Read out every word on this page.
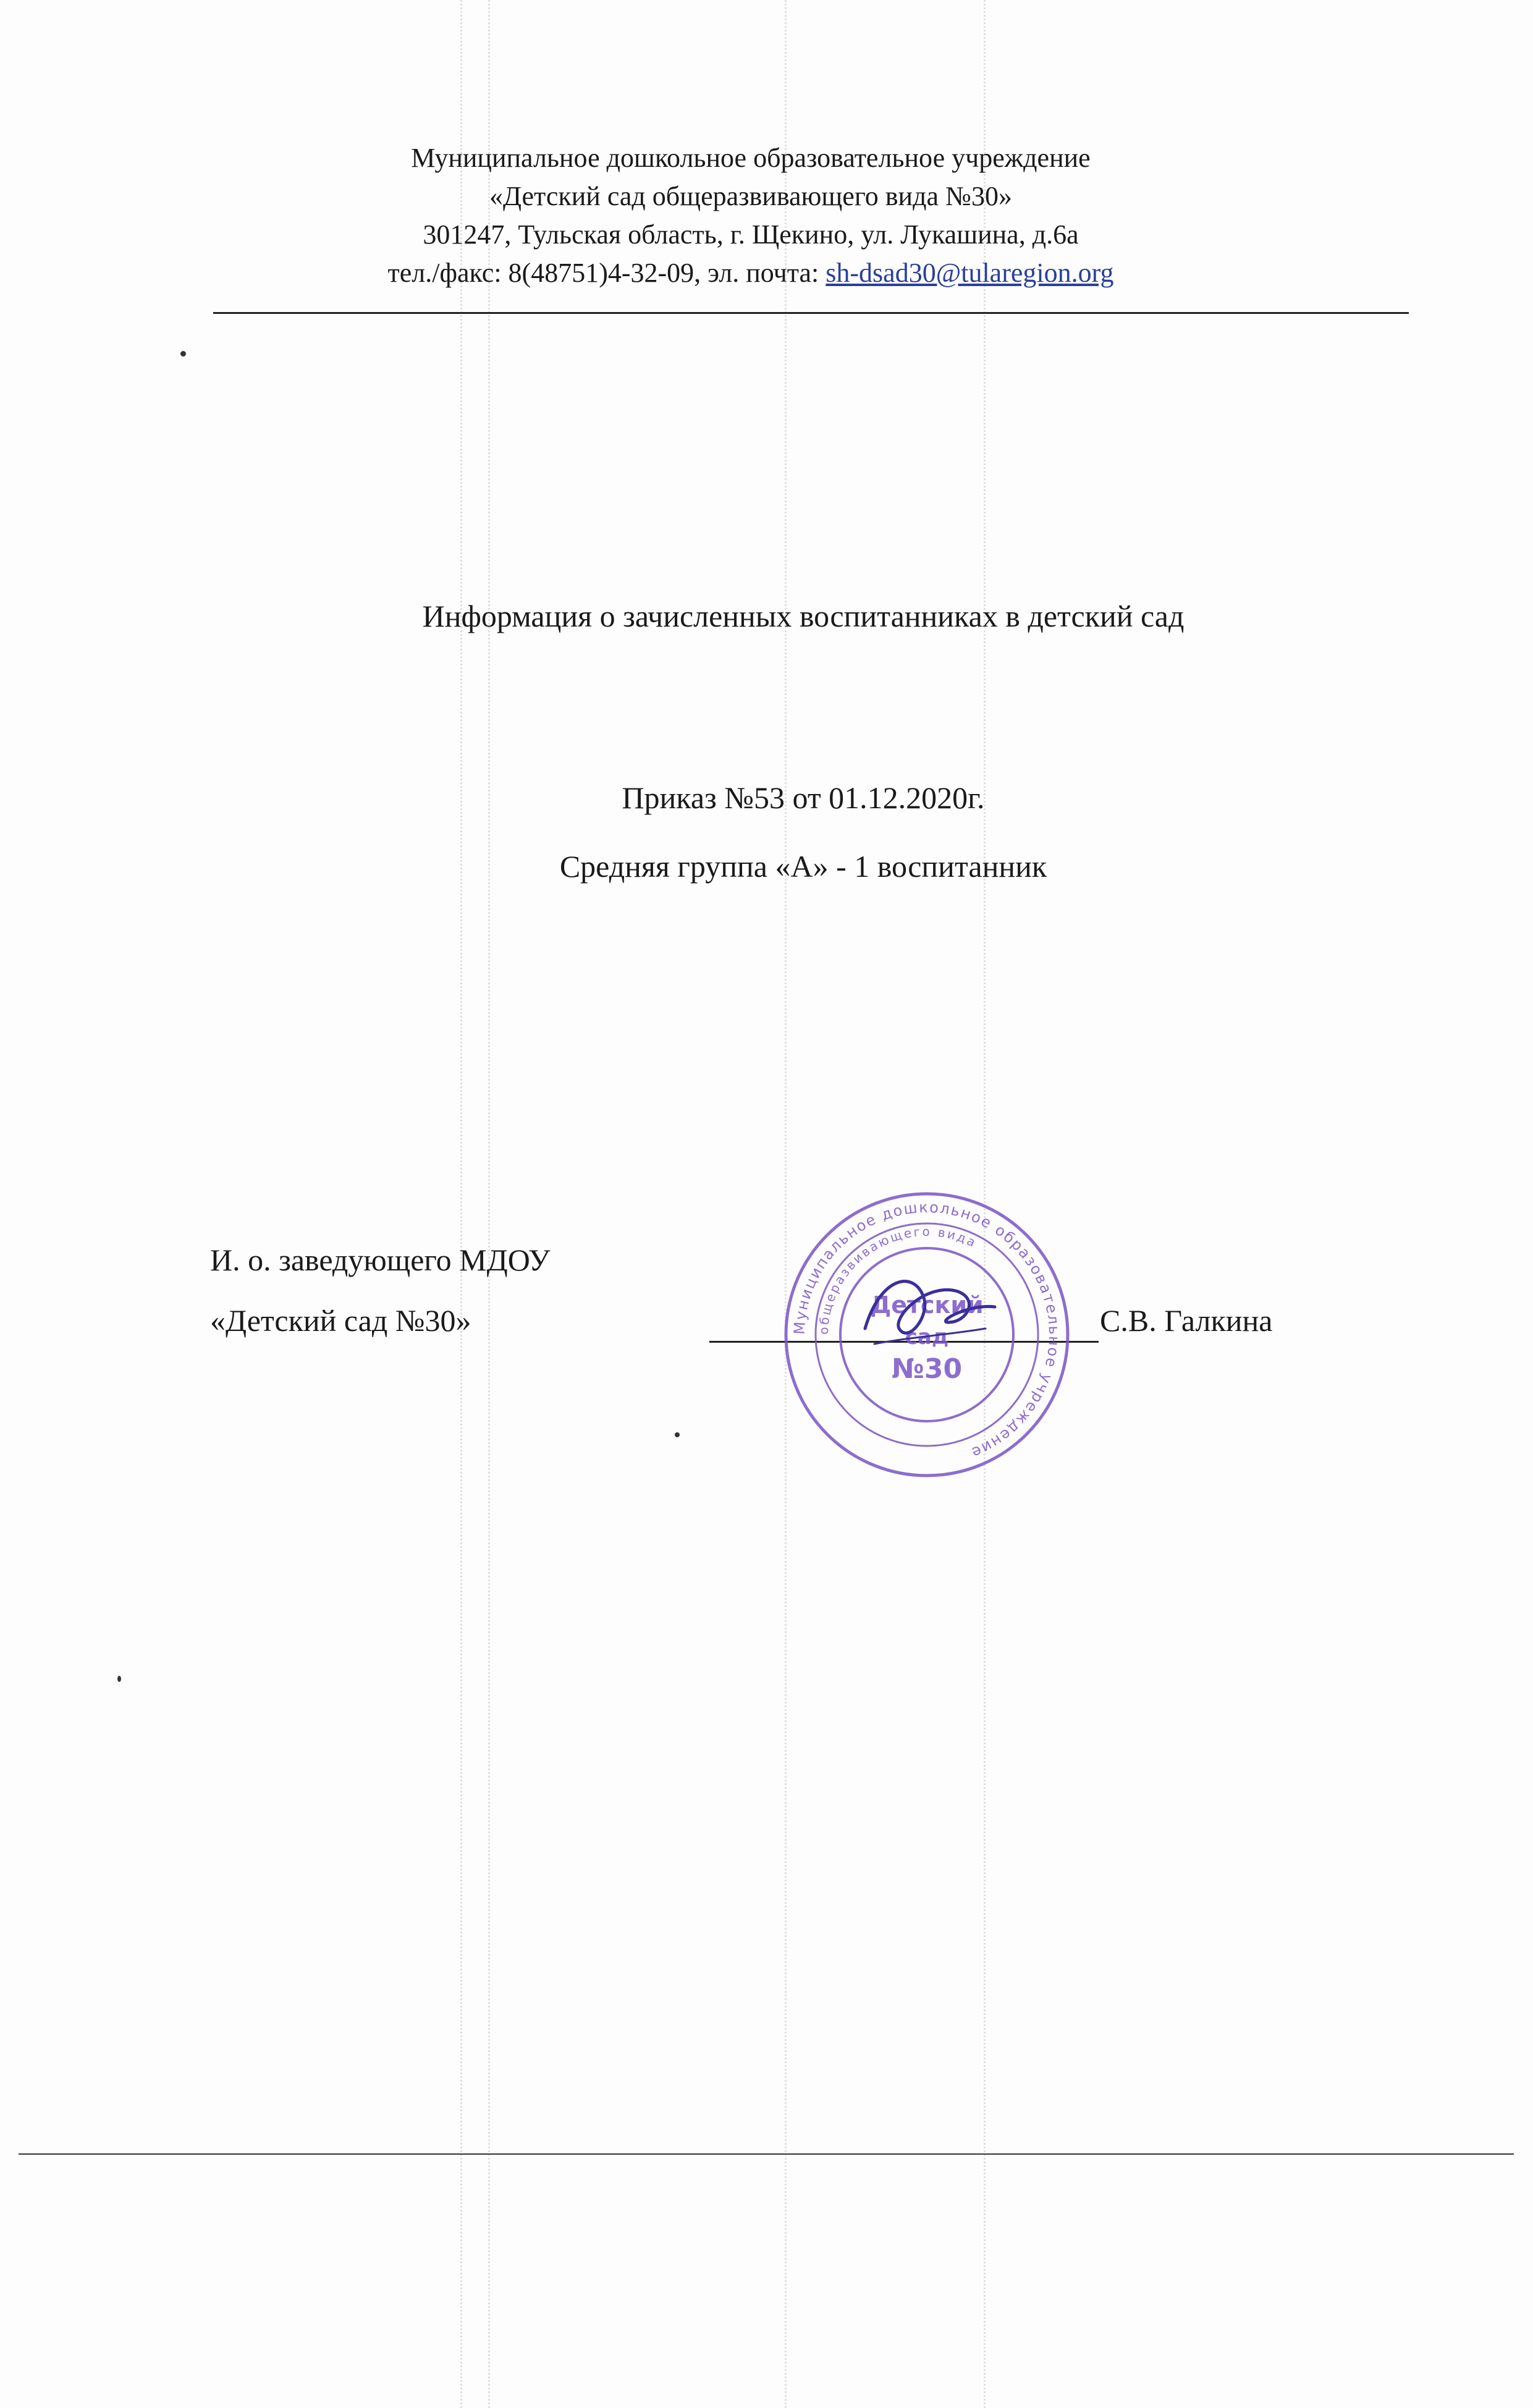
Муниципальное дошкольное образовательное учреждение
«Детский сад общеразвивающего вида №30»
301247, Тульская область, г. Щекино, ул. Лукашина, д.6а
тел./факс: 8(48751)4-32-09, эл. почта: sh-dsad30@tularegion.org
Информация о зачисленных воспитанниках в детский сад
Приказ №53 от 01.12.2020г.
Средняя группа «А» - 1 воспитанник
И. о. заведующего МДОУ
«Детский сад №30»	С.В. Галкина
Муниципальное дошкольное образовательное учреждение
общеразвивающего вида
Детский
сад
№30
